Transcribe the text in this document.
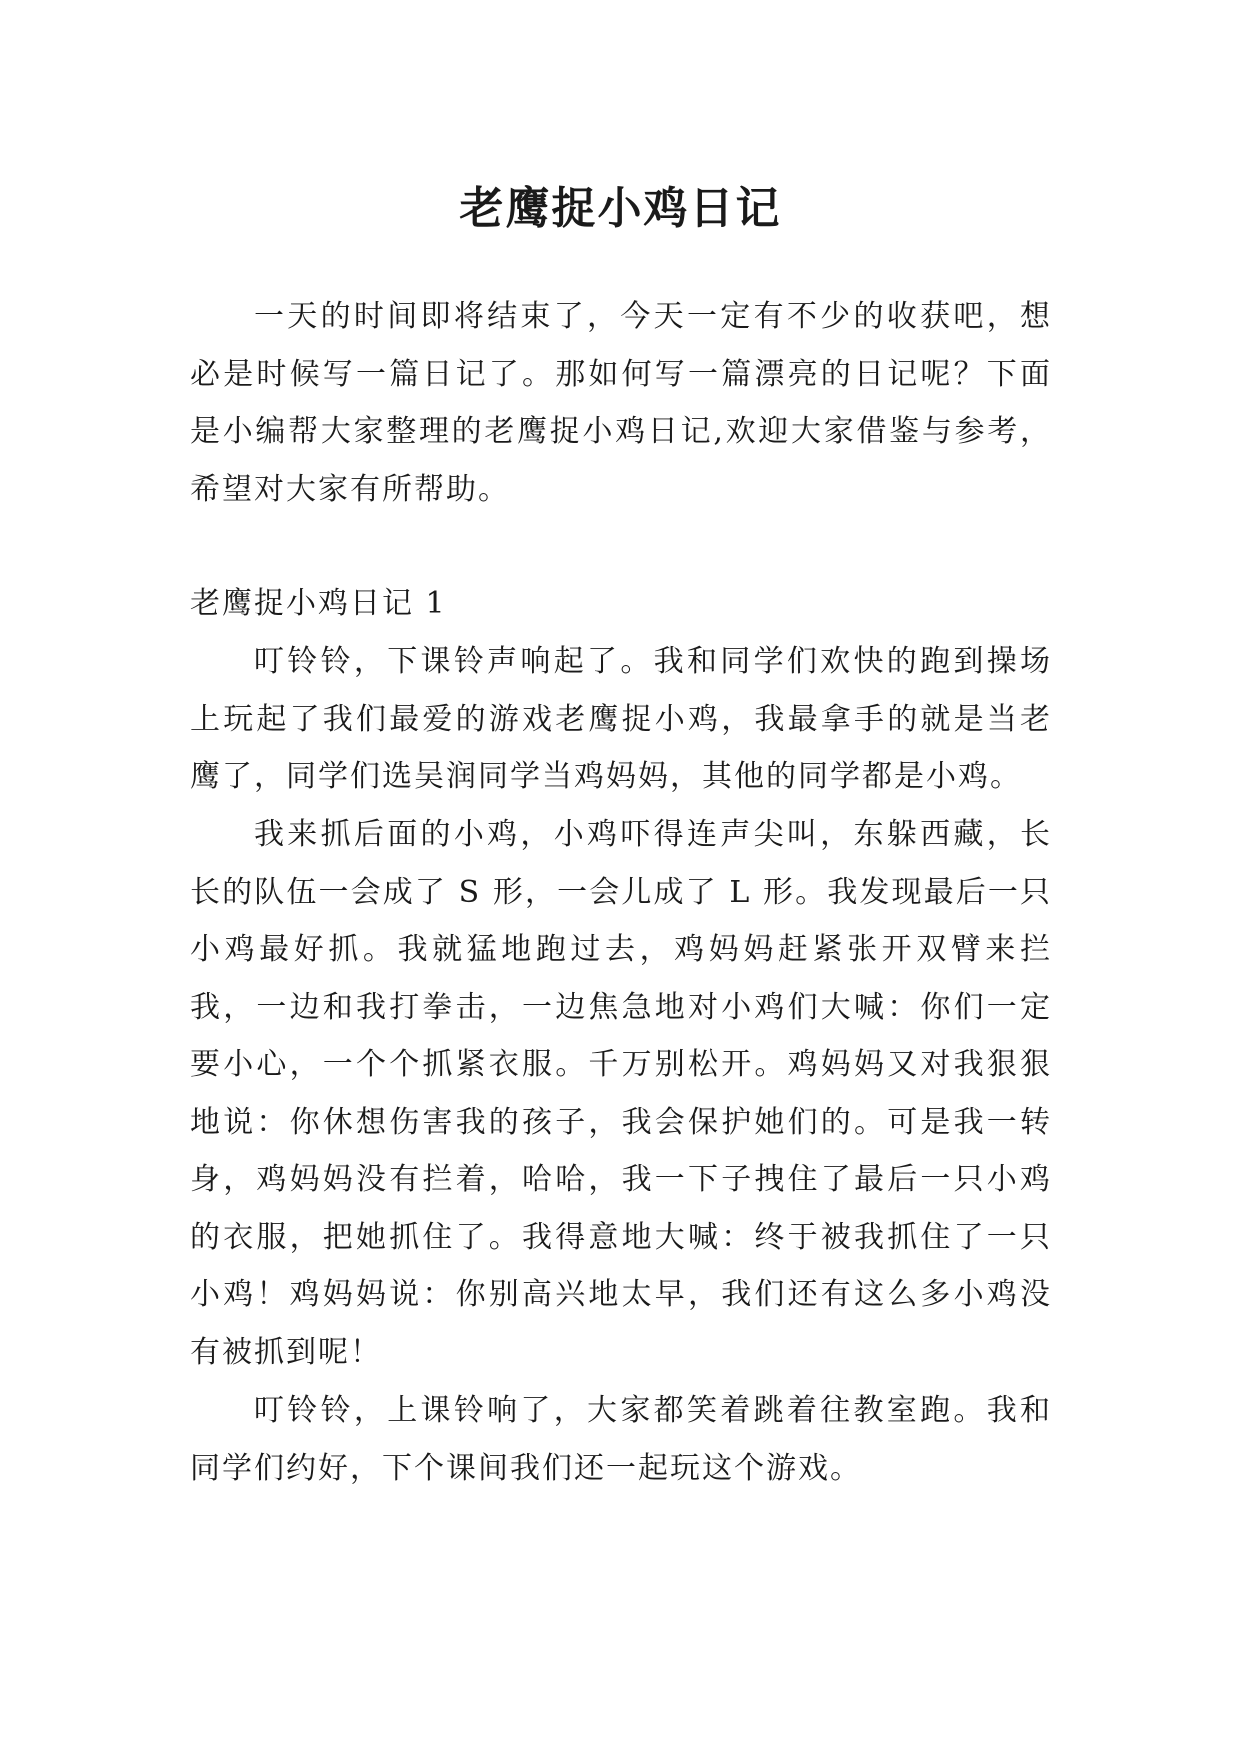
老鹰捉小鸡日记

一天的时间即将结束了，今天一定有不少的收获吧，想必是时候写一篇日记了。那如何写一篇漂亮的日记呢？下面是小编帮大家整理的老鹰捉小鸡日记,欢迎大家借鉴与参考，希望对大家有所帮助。

老鹰捉小鸡日记 1

叮铃铃，下课铃声响起了。我和同学们欢快的跑到操场上玩起了我们最爱的游戏老鹰捉小鸡，我最拿手的就是当老鹰了，同学们选吴润同学当鸡妈妈，其他的同学都是小鸡。

我来抓后面的小鸡，小鸡吓得连声尖叫，东躲西藏，长长的队伍一会成了 S 形，一会儿成了 L 形。我发现最后一只小鸡最好抓。我就猛地跑过去，鸡妈妈赶紧张开双臂来拦我，一边和我打拳击，一边焦急地对小鸡们大喊：你们一定要小心，一个个抓紧衣服。千万别松开。鸡妈妈又对我狠狠地说：你休想伤害我的孩子，我会保护她们的。可是我一转身，鸡妈妈没有拦着，哈哈，我一下子拽住了最后一只小鸡的衣服，把她抓住了。我得意地大喊：终于被我抓住了一只小鸡！鸡妈妈说：你别高兴地太早，我们还有这么多小鸡没有被抓到呢！

叮铃铃，上课铃响了，大家都笑着跳着往教室跑。我和同学们约好，下个课间我们还一起玩这个游戏。
